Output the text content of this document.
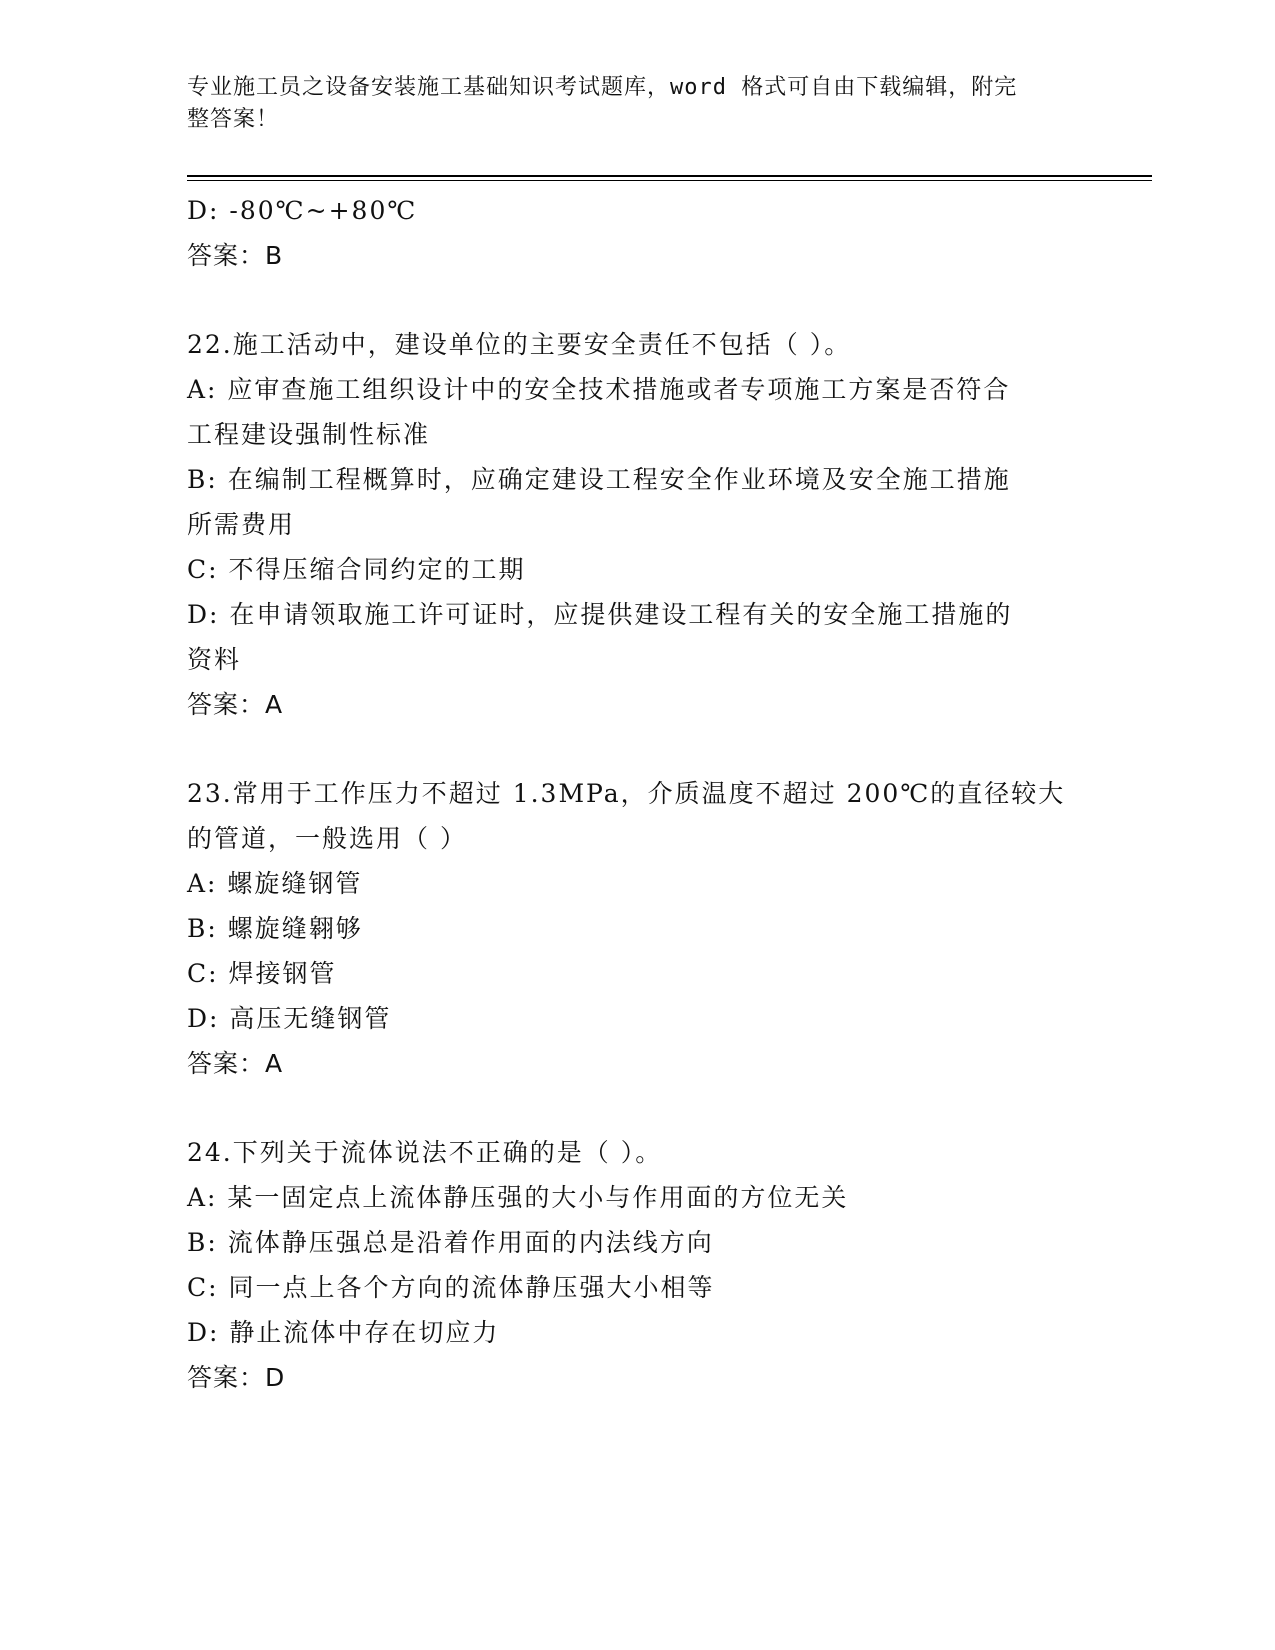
专业施工员之设备安装施工基础知识考试题库，word 格式可自由下载编辑，附完
整答案！

D: -80℃~+80℃

答案：B

22.施工活动中，建设单位的主要安全责任不包括（ ）。

A: 应审查施工组织设计中的安全技术措施或者专项施工方案是否符合

工程建设强制性标准

B: 在编制工程概算时，应确定建设工程安全作业环境及安全施工措施

所需费用

C: 不得压缩合同约定的工期

D: 在申请领取施工许可证时，应提供建设工程有关的安全施工措施的

资料

答案：A

23.常用于工作压力不超过 1.3MPa，介质温度不超过 200℃的直径较大

的管道，一般选用（ ）

A: 螺旋缝钢管

B: 螺旋缝翱够

C: 焊接钢管

D: 高压无缝钢管

答案：A

24.下列关于流体说法不正确的是（ ）。

A: 某一固定点上流体静压强的大小与作用面的方位无关

B: 流体静压强总是沿着作用面的内法线方向

C: 同一点上各个方向的流体静压强大小相等

D: 静止流体中存在切应力

答案：D
